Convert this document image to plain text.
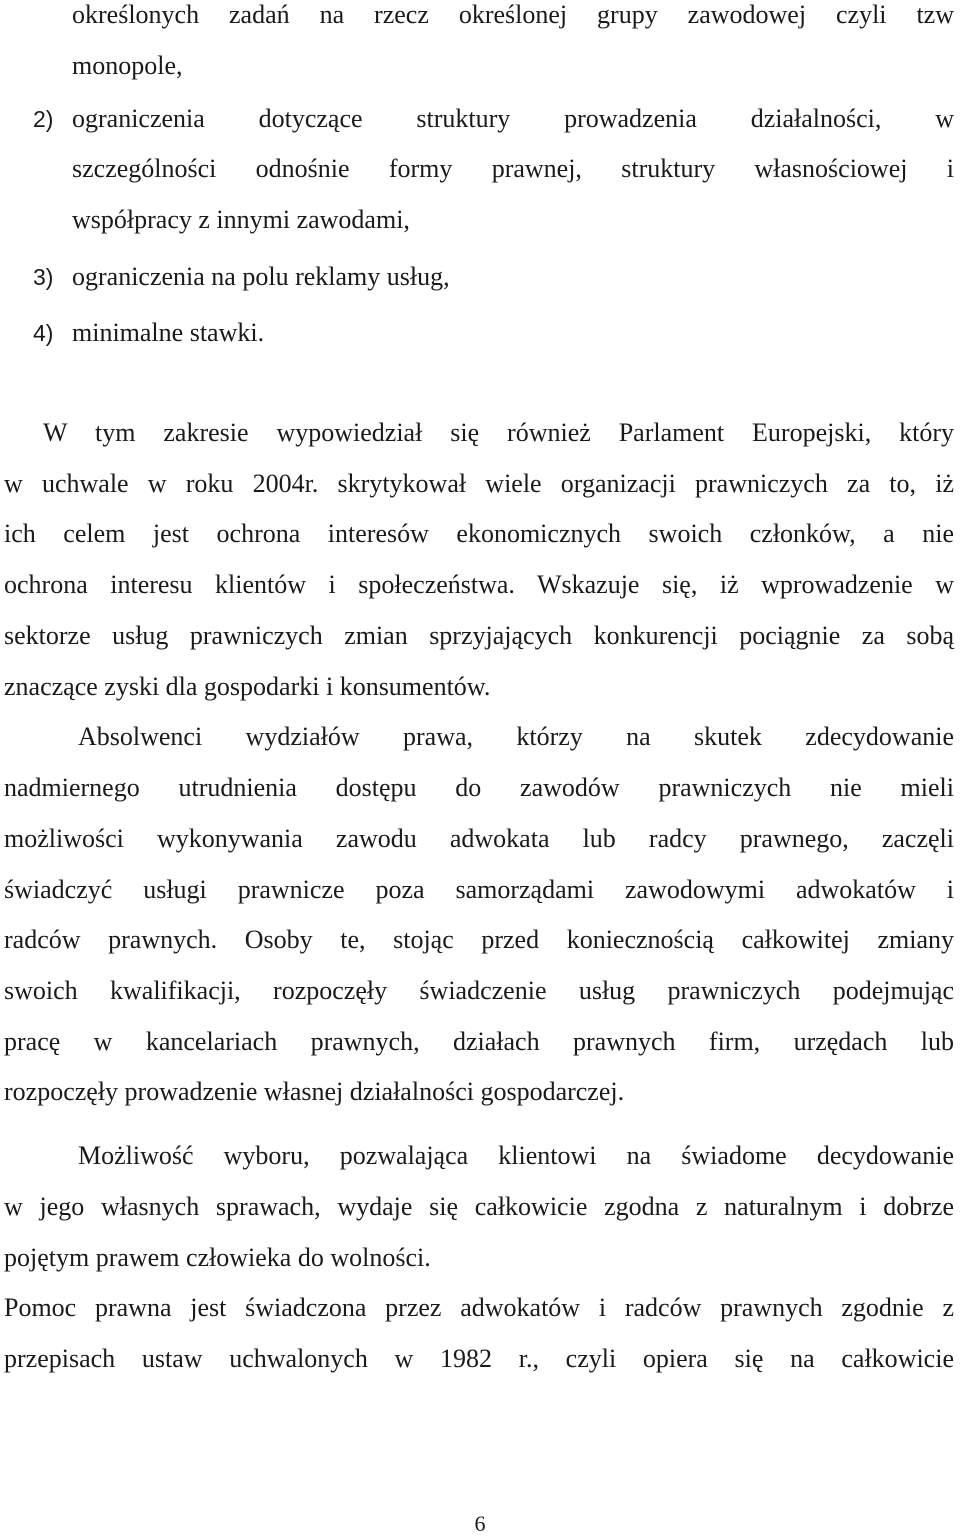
określonych zadań na rzecz określonej grupy zawodowej czyli tzw
monopole,
2) ograniczenia dotyczące struktury prowadzenia działalności, w
szczególności odnośnie formy prawnej, struktury własnościowej i
współpracy z innymi zawodami,
3) ograniczenia na polu reklamy usług,
4) minimalne stawki.
W tym zakresie wypowiedział się również Parlament Europejski, który
w uchwale w roku 2004r. skrytykował wiele organizacji prawniczych za to, iż
ich celem jest ochrona interesów ekonomicznych swoich członków, a nie
ochrona interesu klientów i społeczeństwa. Wskazuje się, iż wprowadzenie w
sektorze usług prawniczych zmian sprzyjających konkurencji pociągnie za sobą
znaczące zyski dla gospodarki i konsumentów.
Absolwenci wydziałów prawa, którzy na skutek zdecydowanie
nadmiernego utrudnienia dostępu do zawodów prawniczych nie mieli
możliwości wykonywania zawodu adwokata lub radcy prawnego, zaczęli
świadczyć usługi prawnicze poza samorządami zawodowymi adwokatów i
radców prawnych. Osoby te, stojąc przed koniecznością całkowitej zmiany
swoich kwalifikacji, rozpoczęły świadczenie usług prawniczych podejmując
pracę w kancelariach prawnych, działach prawnych firm, urzędach lub
rozpoczęły prowadzenie własnej działalności gospodarczej.
Możliwość wyboru, pozwalająca klientowi na świadome decydowanie
w jego własnych sprawach, wydaje się całkowicie zgodna z naturalnym i dobrze
pojętym prawem człowieka do wolności.
Pomoc prawna jest świadczona przez adwokatów i radców prawnych zgodnie z
przepisach ustaw uchwalonych w 1982 r., czyli opiera się na całkowicie
6
